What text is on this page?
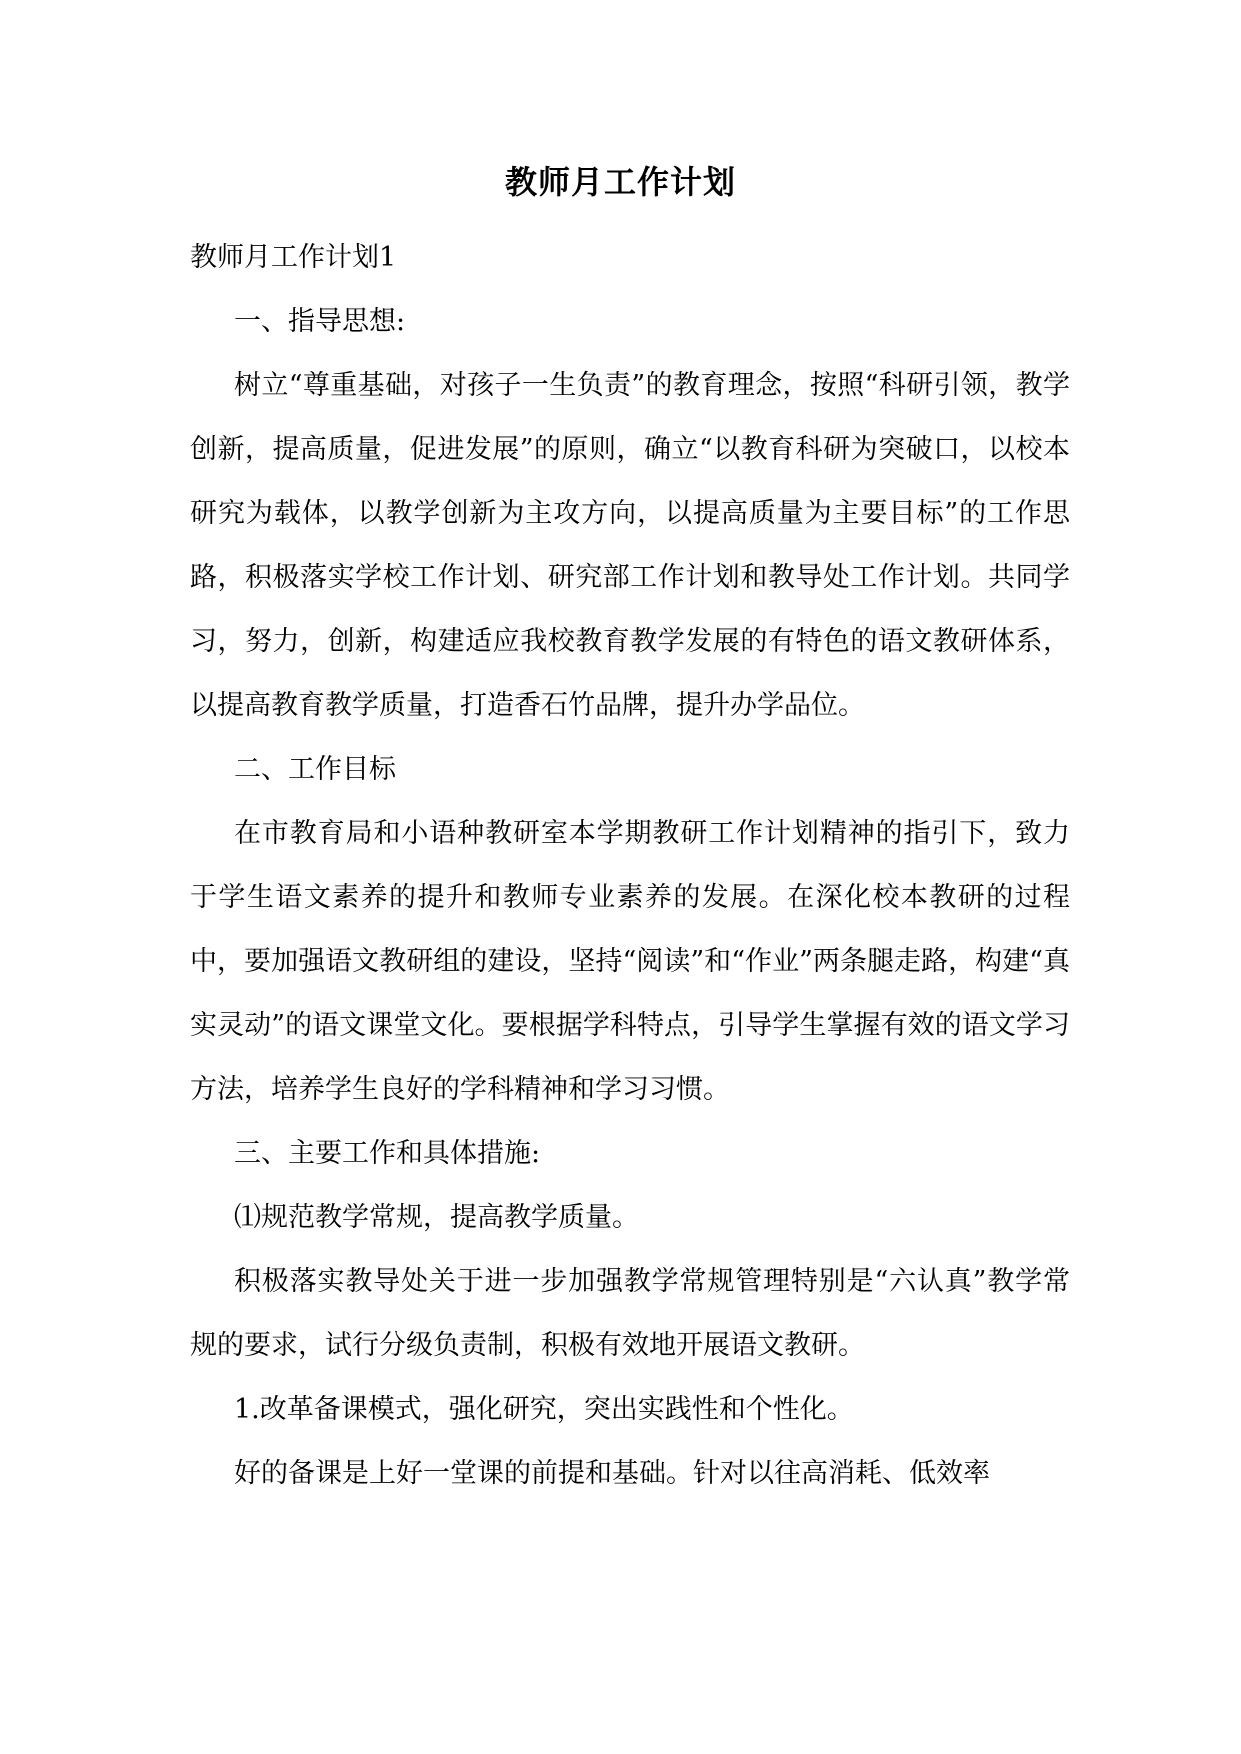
教师月工作计划

教师月工作计划1

一、指导思想:

树立“尊重基础，对孩子一生负责”的教育理念，按照“科研引领，教学创新，提高质量，促进发展”的原则，确立“以教育科研为突破口，以校本研究为载体，以教学创新为主攻方向，以提高质量为主要目标”的工作思路，积极落实学校工作计划、研究部工作计划和教导处工作计划。共同学习，努力，创新，构建适应我校教育教学发展的有特色的语文教研体系，以提高教育教学质量，打造香石竹品牌，提升办学品位。

二、工作目标

在市教育局和小语种教研室本学期教研工作计划精神的指引下，致力于学生语文素养的提升和教师专业素养的发展。在深化校本教研的过程中，要加强语文教研组的建设，坚持“阅读”和“作业”两条腿走路，构建“真实灵动”的语文课堂文化。要根据学科特点，引导学生掌握有效的语文学习方法，培养学生良好的学科精神和学习习惯。

三、主要工作和具体措施:

⑴规范教学常规，提高教学质量。

积极落实教导处关于进一步加强教学常规管理特别是“六认真”教学常规的要求，试行分级负责制，积极有效地开展语文教研。

1.改革备课模式，强化研究，突出实践性和个性化。

好的备课是上好一堂课的前提和基础。针对以往高消耗、低效率
